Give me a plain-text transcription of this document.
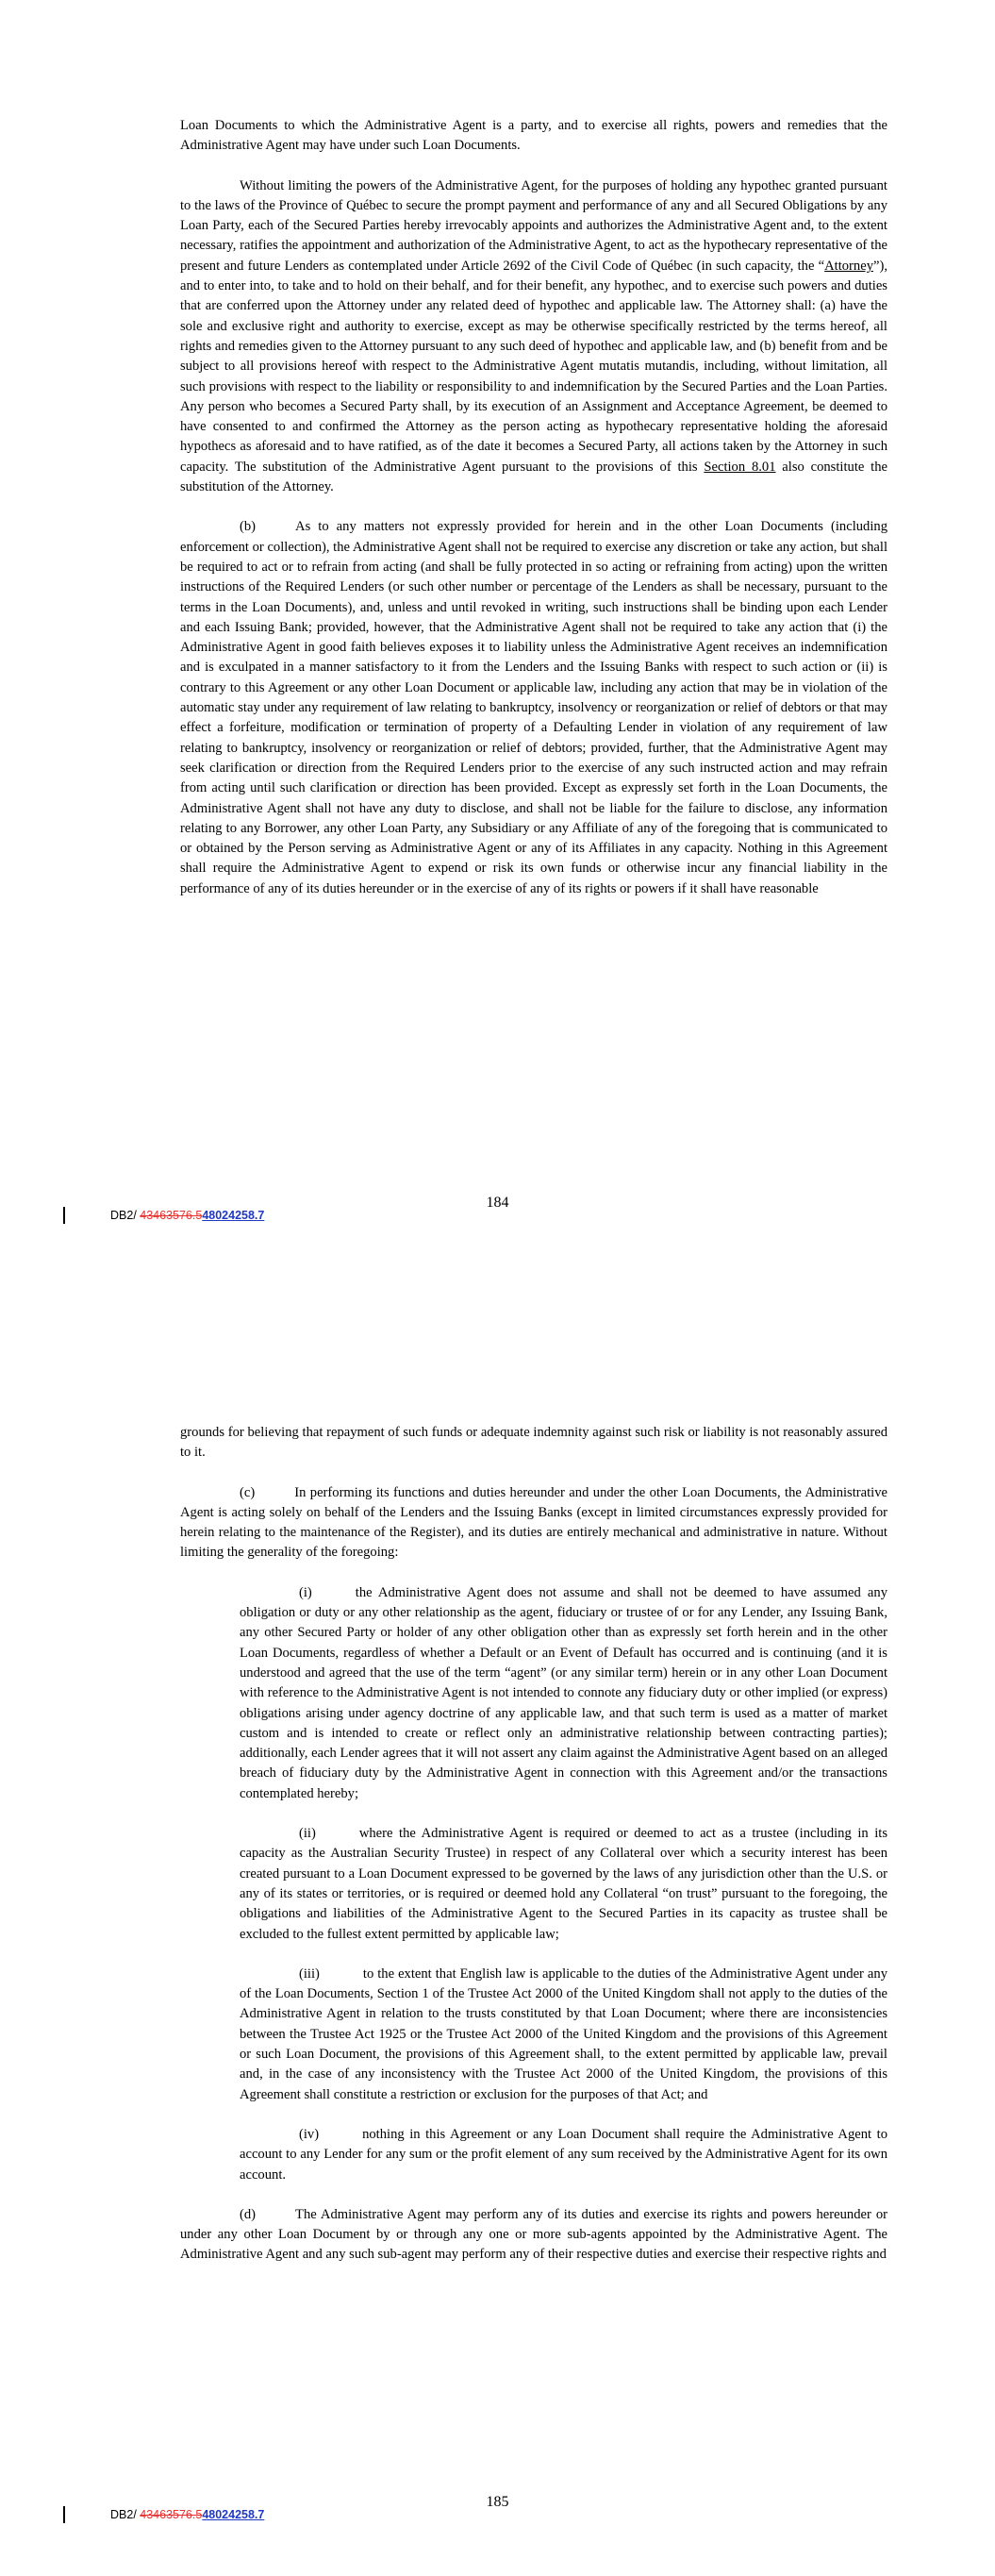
Loan Documents to which the Administrative Agent is a party, and to exercise all rights, powers and remedies that the Administrative Agent may have under such Loan Documents.

Without limiting the powers of the Administrative Agent, for the purposes of holding any hypothec granted pursuant to the laws of the Province of Québec to secure the prompt payment and performance of any and all Secured Obligations by any Loan Party, each of the Secured Parties hereby irrevocably appoints and authorizes the Administrative Agent and, to the extent necessary, ratifies the appointment and authorization of the Administrative Agent, to act as the hypothecary representative of the present and future Lenders as contemplated under Article 2692 of the Civil Code of Québec (in such capacity, the “Attorney”), and to enter into, to take and to hold on their behalf, and for their benefit, any hypothec, and to exercise such powers and duties that are conferred upon the Attorney under any related deed of hypothec and applicable law. The Attorney shall: (a) have the sole and exclusive right and authority to exercise, except as may be otherwise specifically restricted by the terms hereof, all rights and remedies given to the Attorney pursuant to any such deed of hypothec and applicable law, and (b) benefit from and be subject to all provisions hereof with respect to the Administrative Agent mutatis mutandis, including, without limitation, all such provisions with respect to the liability or responsibility to and indemnification by the Secured Parties and the Loan Parties. Any person who becomes a Secured Party shall, by its execution of an Assignment and Acceptance Agreement, be deemed to have consented to and confirmed the Attorney as the person acting as hypothecary representative holding the aforesaid hypothecs as aforesaid and to have ratified, as of the date it becomes a Secured Party, all actions taken by the Attorney in such capacity. The substitution of the Administrative Agent pursuant to the provisions of this Section 8.01 also constitute the substitution of the Attorney.

(b)	As to any matters not expressly provided for herein and in the other Loan Documents (including enforcement or collection), the Administrative Agent shall not be required to exercise any discretion or take any action, but shall be required to act or to refrain from acting (and shall be fully protected in so acting or refraining from acting) upon the written instructions of the Required Lenders (or such other number or percentage of the Lenders as shall be necessary, pursuant to the terms in the Loan Documents), and, unless and until revoked in writing, such instructions shall be binding upon each Lender and each Issuing Bank; provided, however, that the Administrative Agent shall not be required to take any action that (i) the Administrative Agent in good faith believes exposes it to liability unless the Administrative Agent receives an indemnification and is exculpated in a manner satisfactory to it from the Lenders and the Issuing Banks with respect to such action or (ii) is contrary to this Agreement or any other Loan Document or applicable law, including any action that may be in violation of the automatic stay under any requirement of law relating to bankruptcy, insolvency or reorganization or relief of debtors or that may effect a forfeiture, modification or termination of property of a Defaulting Lender in violation of any requirement of law relating to bankruptcy, insolvency or reorganization or relief of debtors; provided, further, that the Administrative Agent may seek clarification or direction from the Required Lenders prior to the exercise of any such instructed action and may refrain from acting until such clarification or direction has been provided. Except as expressly set forth in the Loan Documents, the Administrative Agent shall not have any duty to disclose, and shall not be liable for the failure to disclose, any information relating to any Borrower, any other Loan Party, any Subsidiary or any Affiliate of any of the foregoing that is communicated to or obtained by the Person serving as Administrative Agent or any of its Affiliates in any capacity. Nothing in this Agreement shall require the Administrative Agent to expend or risk its own funds or otherwise incur any financial liability in the performance of any of its duties hereunder or in the exercise of any of its rights or powers if it shall have reasonable

DB2/ 43463576.548024258.7
184

grounds for believing that repayment of such funds or adequate indemnity against such risk or liability is not reasonably assured to it.

(c)	In performing its functions and duties hereunder and under the other Loan Documents, the Administrative Agent is acting solely on behalf of the Lenders and the Issuing Banks (except in limited circumstances expressly provided for herein relating to the maintenance of the Register), and its duties are entirely mechanical and administrative in nature. Without limiting the generality of the foregoing:

(i)	the Administrative Agent does not assume and shall not be deemed to have assumed any obligation or duty or any other relationship as the agent, fiduciary or trustee of or for any Lender, any Issuing Bank, any other Secured Party or holder of any other obligation other than as expressly set forth herein and in the other Loan Documents, regardless of whether a Default or an Event of Default has occurred and is continuing (and it is understood and agreed that the use of the term “agent” (or any similar term) herein or in any other Loan Document with reference to the Administrative Agent is not intended to connote any fiduciary duty or other implied (or express) obligations arising under agency doctrine of any applicable law, and that such term is used as a matter of market custom and is intended to create or reflect only an administrative relationship between contracting parties); additionally, each Lender agrees that it will not assert any claim against the Administrative Agent based on an alleged breach of fiduciary duty by the Administrative Agent in connection with this Agreement and/or the transactions contemplated hereby;

(ii)	where the Administrative Agent is required or deemed to act as a trustee (including in its capacity as the Australian Security Trustee) in respect of any Collateral over which a security interest has been created pursuant to a Loan Document expressed to be governed by the laws of any jurisdiction other than the U.S. or any of its states or territories, or is required or deemed hold any Collateral “on trust” pursuant to the foregoing, the obligations and liabilities of the Administrative Agent to the Secured Parties in its capacity as trustee shall be excluded to the fullest extent permitted by applicable law;

(iii)	to the extent that English law is applicable to the duties of the Administrative Agent under any of the Loan Documents, Section 1 of the Trustee Act 2000 of the United Kingdom shall not apply to the duties of the Administrative Agent in relation to the trusts constituted by that Loan Document; where there are inconsistencies between the Trustee Act 1925 or the Trustee Act 2000 of the United Kingdom and the provisions of this Agreement or such Loan Document, the provisions of this Agreement shall, to the extent permitted by applicable law, prevail and, in the case of any inconsistency with the Trustee Act 2000 of the United Kingdom, the provisions of this Agreement shall constitute a restriction or exclusion for the purposes of that Act; and

(iv)	nothing in this Agreement or any Loan Document shall require the Administrative Agent to account to any Lender for any sum or the profit element of any sum received by the Administrative Agent for its own account.

(d)	The Administrative Agent may perform any of its duties and exercise its rights and powers hereunder or under any other Loan Document by or through any one or more sub-agents appointed by the Administrative Agent. The Administrative Agent and any such sub-agent may perform any of their respective duties and exercise their respective rights and

DB2/ 43463576.548024258.7
185
